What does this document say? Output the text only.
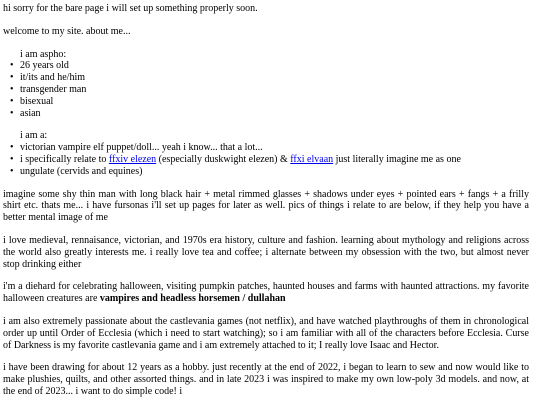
hi sorry for the bare page i will set up something properly soon.

welcome to my site. about me...

i am aspho:

• 26 years old
• it/its and he/him
• transgender man
• bisexual
• asian

i am a:

• victorian vampire elf puppet/doll... yeah i know... that a lot...
• i specifically relate to ffxiv elezen (especially duskwight elezen) & ffxi elvaan just literally imagine me as one
• ungulate (cervids and equines)

imagine some shy thin man with long black hair + metal rimmed glasses + shadows under eyes + pointed ears + fangs + a frilly shirt etc. thats me... i have fursonas i'll set up pages for later as well. pics of things i relate to are below, if they help you have a better mental image of me

i love medieval, rennaisance, victorian, and 1970s era history, culture and fashion. learning about mythology and religions across the world also greatly interests me. i really love tea and coffee; i alternate between my obsession with the two, but almost never stop drinking either

i'm a diehard for celebrating halloween, visiting pumpkin patches, haunted houses and farms with haunted attractions. my favorite halloween creatures are vampires and headless horsemen / dullahan

i am also extremely passionate about the castlevania games (not netflix), and have watched playthroughs of them in chronological order up until Order of Ecclesia (which i need to start watching); so i am familiar with all of the characters before Ecclesia. Curse of Darkness is my favorite castlevania game and i am extremely attached to it; I really love Isaac and Hector.

i have been drawing for about 12 years as a hobby. just recently at the end of 2022, i began to learn to sew and now would like to make plushies, quilts, and other assorted things. and in late 2023 i was inspired to make my own low-poly 3d models. and now, at the end of 2023... i want to do simple code! i
